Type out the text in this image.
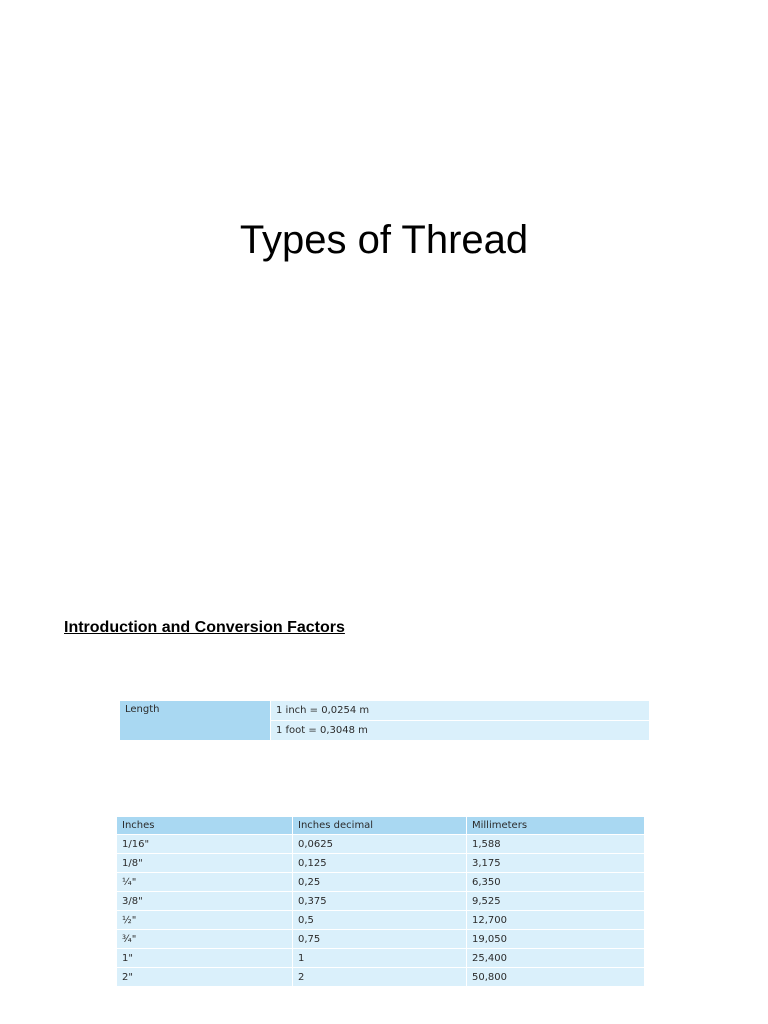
Types of Thread
Introduction and Conversion Factors
Length	1 inch = 0,0254 m
1 foot = 0,3048 m
Inches	Inches decimal	Millimeters
1/16"	0,0625	1,588
1/8"	0,125	3,175
¼"	0,25	6,350
3/8"	0,375	9,525
½"	0,5	12,700
¾"	0,75	19,050
1"	1	25,400
2"	2	50,800
